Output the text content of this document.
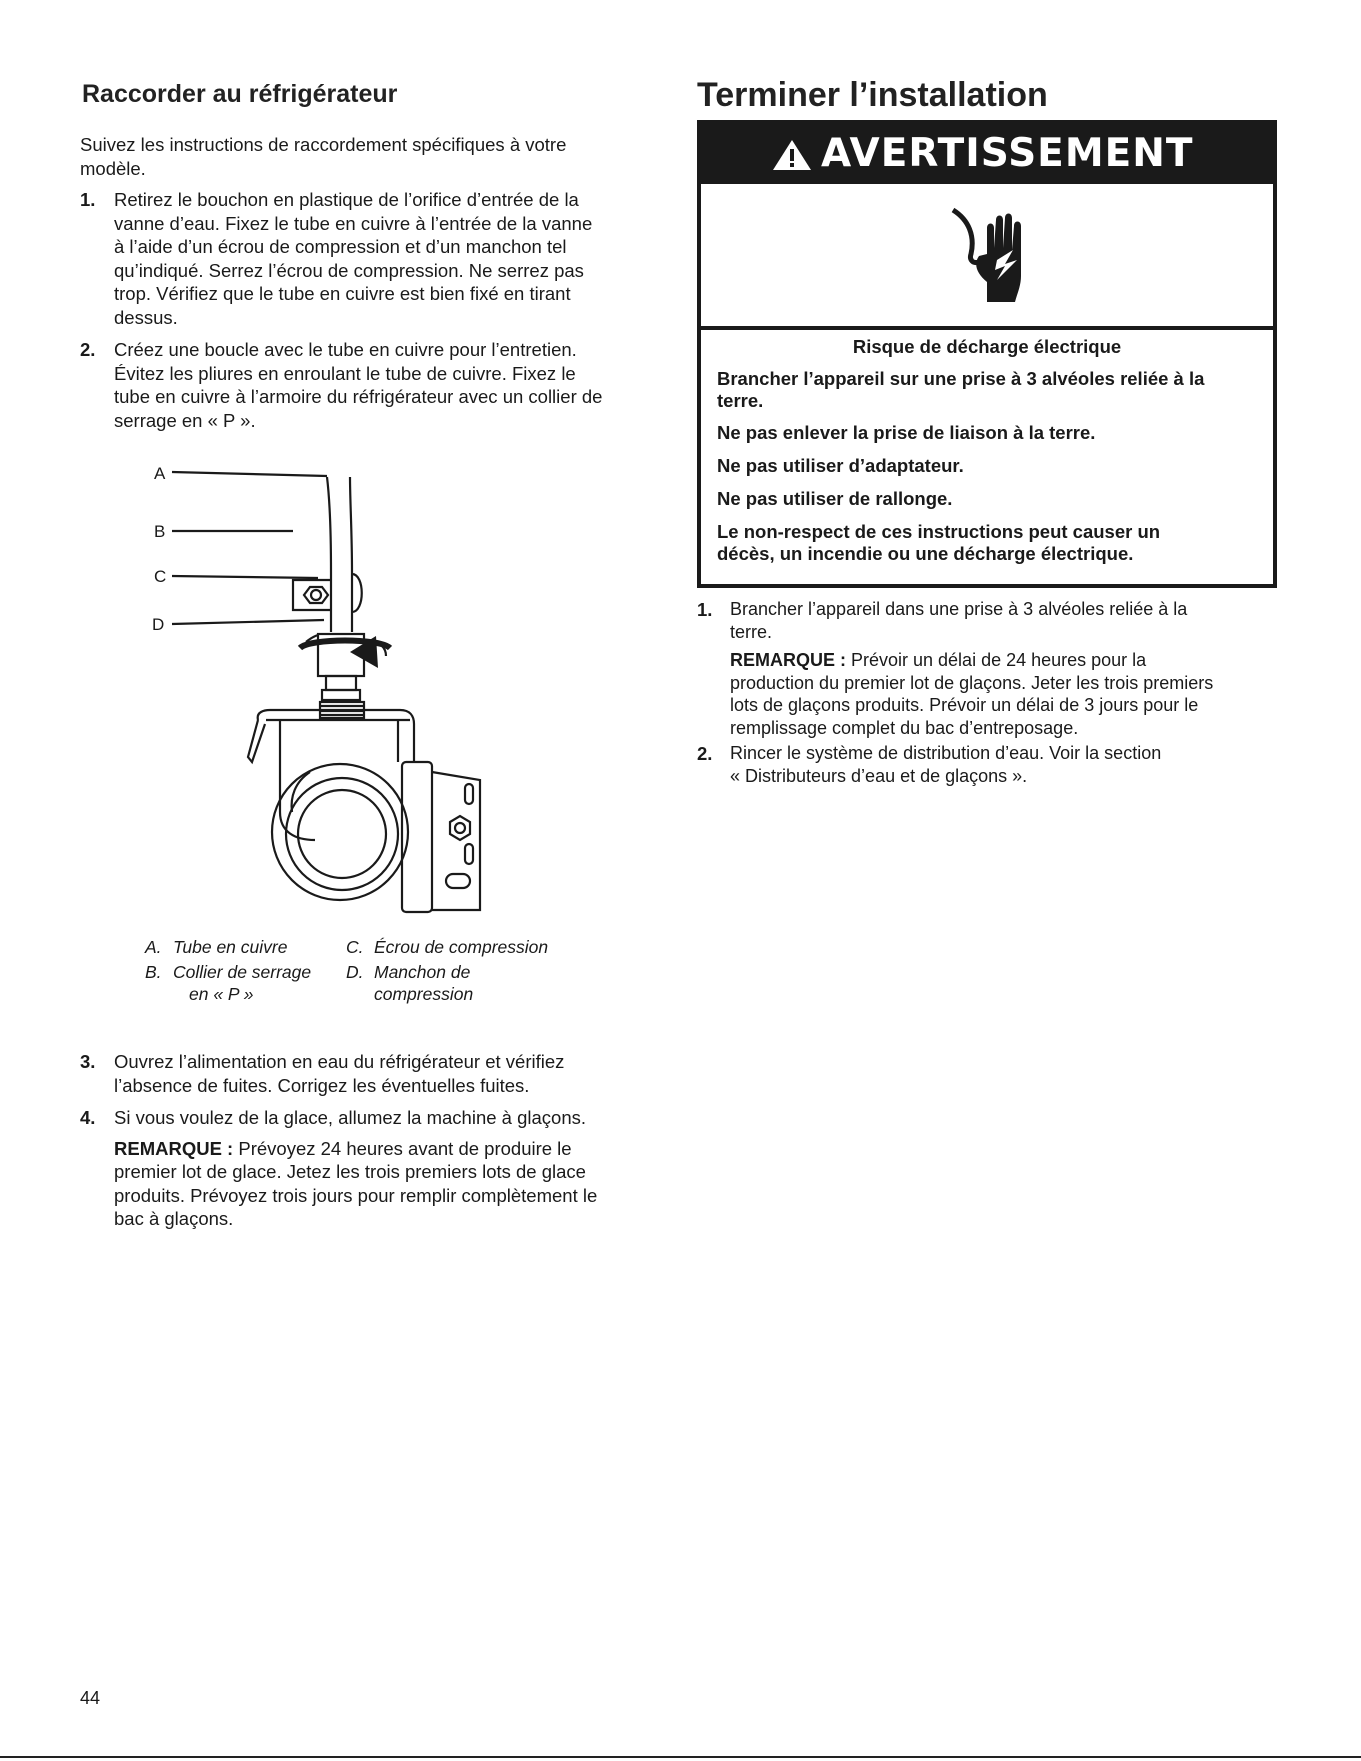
Raccorder au réfrigérateur
Suivez les instructions de raccordement spécifiques à votre
modèle.
1. Retirez le bouchon en plastique de l’orifice d’entrée de la
vanne d’eau. Fixez le tube en cuivre à l’entrée de la vanne
à l’aide d’un écrou de compression et d’un manchon tel
qu’indiqué. Serrez l’écrou de compression. Ne serrez pas
trop. Vérifiez que le tube en cuivre est bien fixé en tirant
dessus.
2. Créez une boucle avec le tube en cuivre pour l’entretien.
Évitez les pliures en enroulant le tube de cuivre. Fixez le
tube en cuivre à l’armoire du réfrigérateur avec un collier de
serrage en « P ».
3. Ouvrez l’alimentation en eau du réfrigérateur et vérifiez
l’absence de fuites. Corrigez les éventuelles fuites.
4. Si vous voulez de la glace, allumez la machine à glaçons.
REMARQUE : Prévoyez 24 heures avant de produire le
premier lot de glace. Jetez les trois premiers lots de glace
produits. Prévoyez trois jours pour remplir complètement le
bac à glaçons.
A
B
C
D
A. Tube en cuivre
B. Collier de serrage
en « P »
C. Écrou de compression
D. Manchon de
compression
Terminer l’installation
AVERTISSEMENT
Risque de décharge électrique
Brancher l’appareil sur une prise à 3 alvéoles reliée à la
terre.
Ne pas enlever la prise de liaison à la terre.
Ne pas utiliser d’adaptateur.
Ne pas utiliser de rallonge.
Le non-respect de ces instructions peut causer un
décès, un incendie ou une décharge électrique.
1. Brancher l’appareil dans une prise à 3 alvéoles reliée à la
terre.
REMARQUE : Prévoir un délai de 24 heures pour la
production du premier lot de glaçons. Jeter les trois premiers
lots de glaçons produits. Prévoir un délai de 3 jours pour le
remplissage complet du bac d’entreposage.
2. Rincer le système de distribution d’eau. Voir la section
« Distributeurs d’eau et de glaçons ».
44
